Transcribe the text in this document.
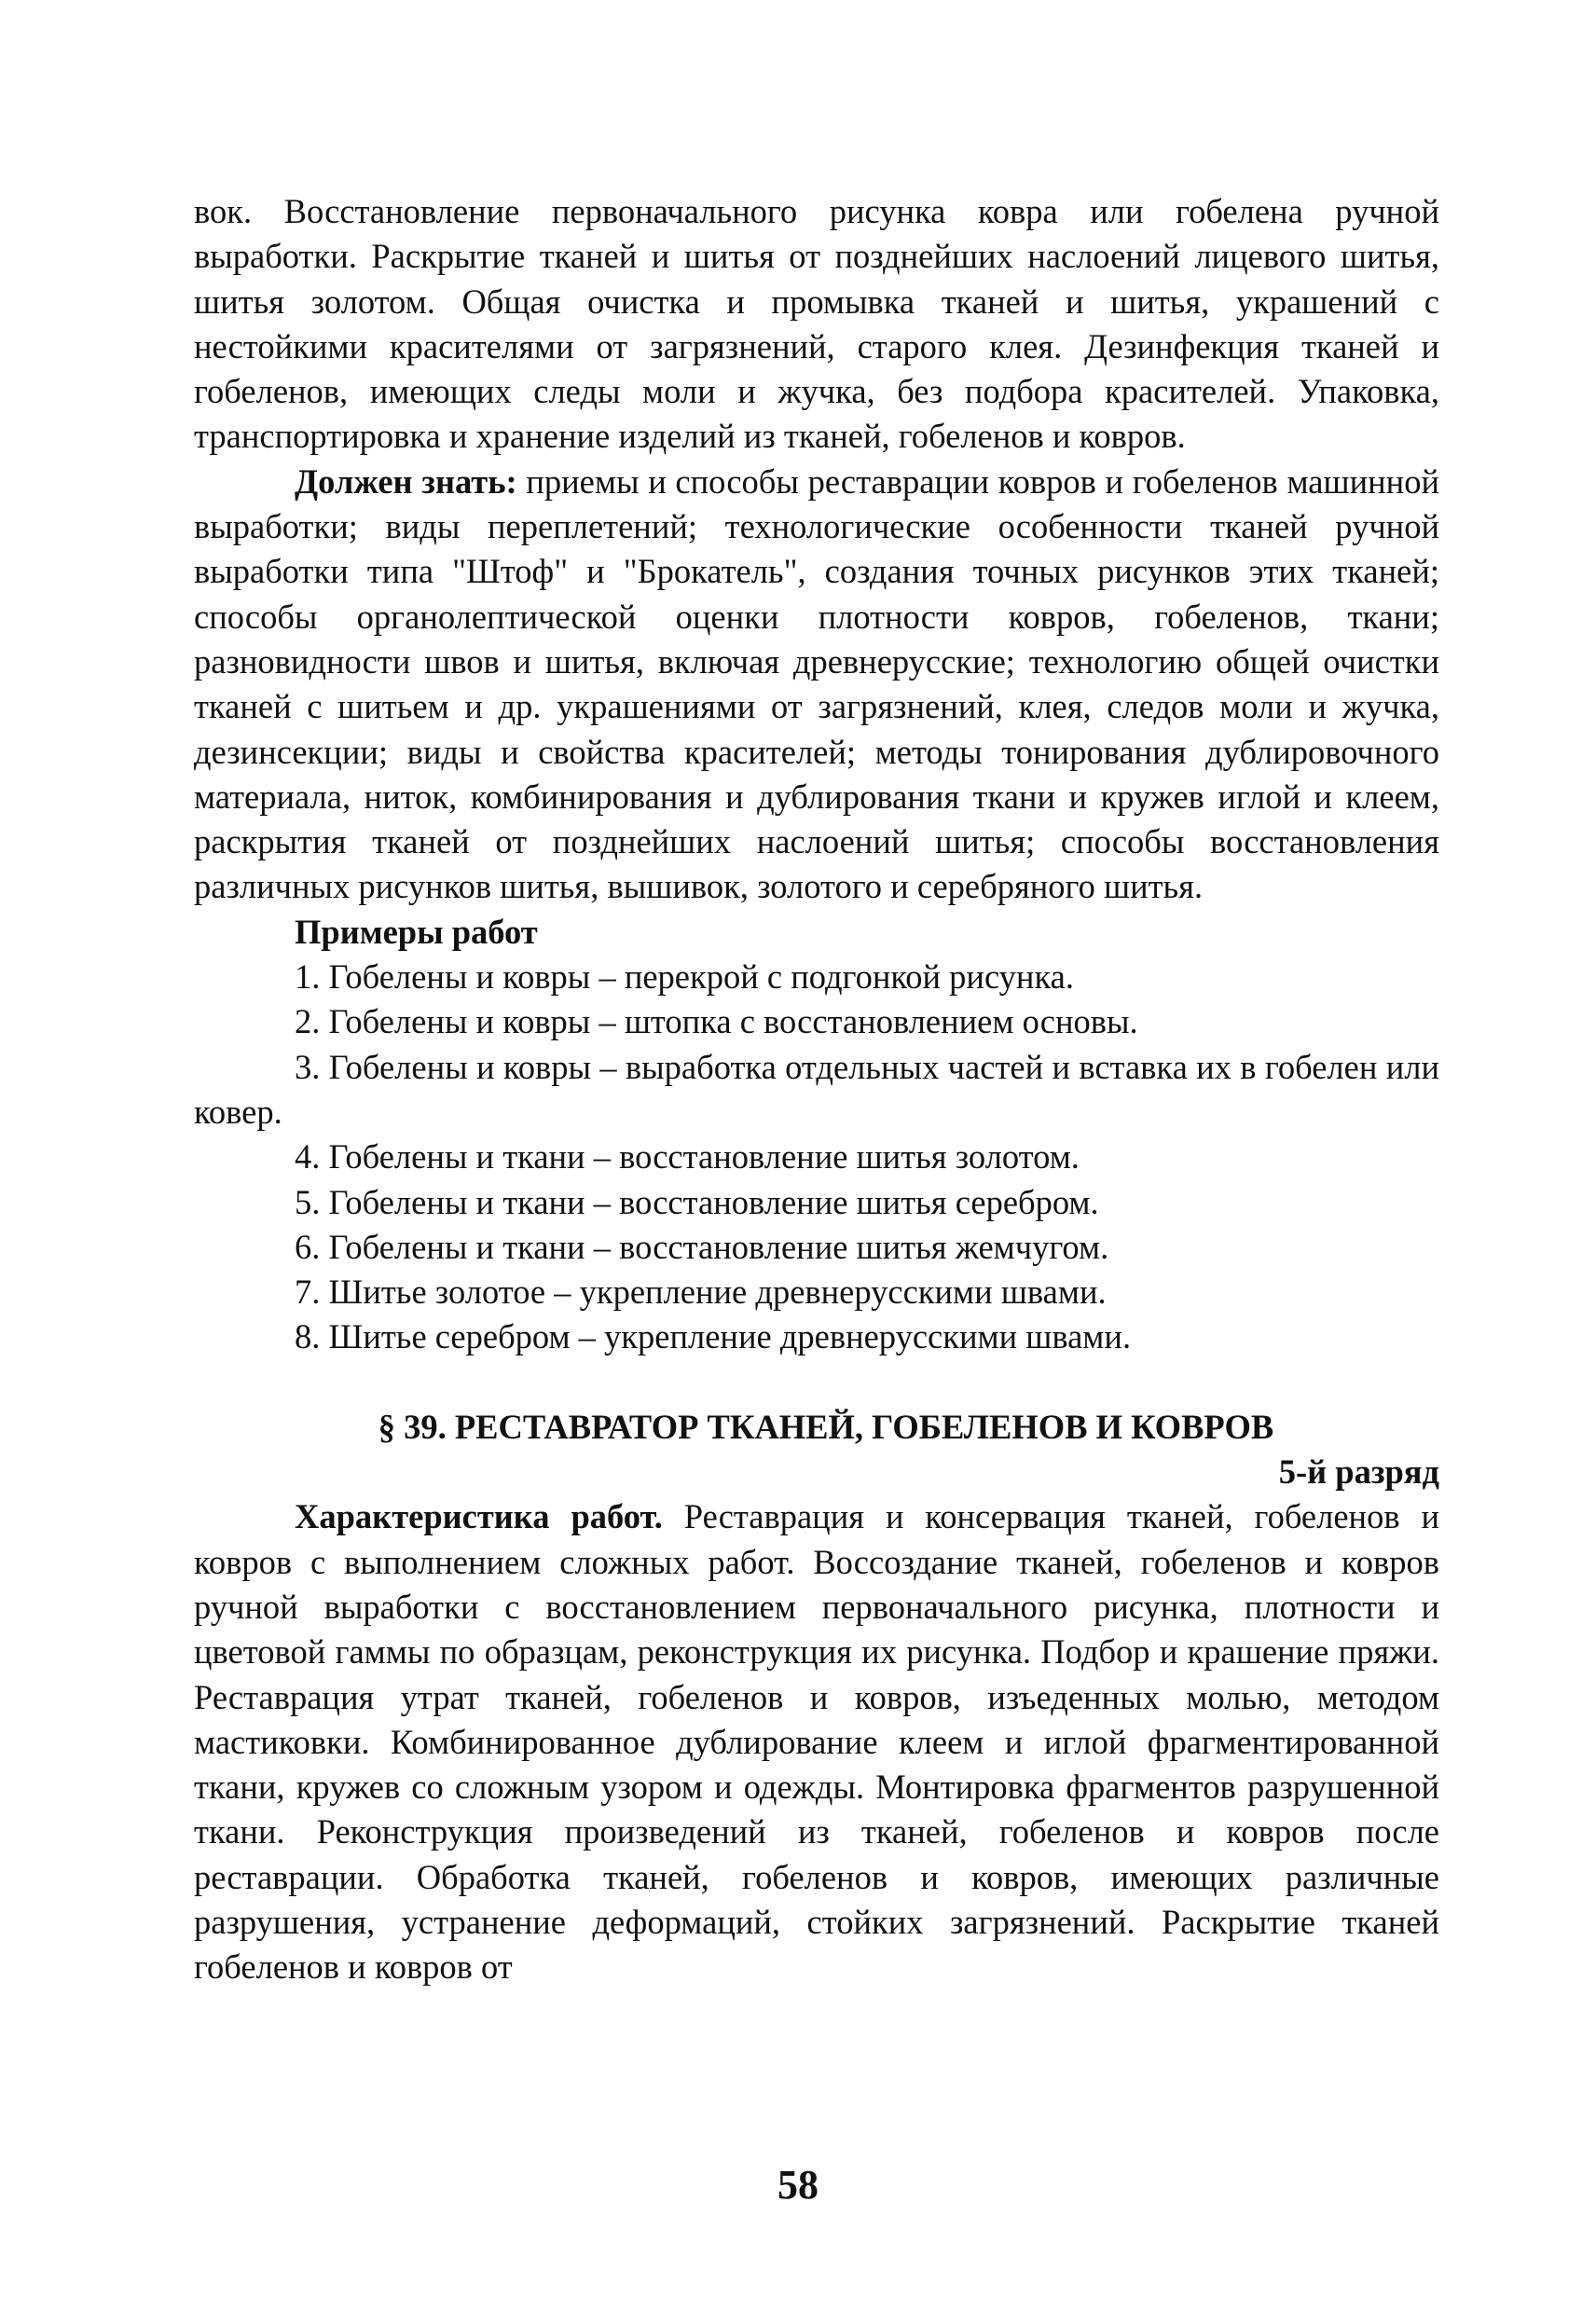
вок. Восстановление первоначального рисунка ковра или гобелена ручной выработки. Раскрытие тканей и шитья от позднейших наслоений лицевого шитья, шитья золотом. Общая очистка и промывка тканей и шитья, украшений с нестойкими красителями от загрязнений, старого клея. Дезинфекция тканей и гобеленов, имеющих следы моли и жучка, без подбора красителей. Упаковка, транспортировка и хранение изделий из тканей, гобеленов и ковров.

Должен знать: приемы и способы реставрации ковров и гобеленов машинной выработки; виды переплетений; технологические особенности тканей ручной выработки типа "Штоф" и "Брокатель", создания точных рисунков этих тканей; способы органолептической оценки плотности ковров, гобеленов, ткани; разновидности швов и шитья, включая древнерусские; технологию общей очистки тканей с шитьем и др. украшениями от загрязнений, клея, следов моли и жучка, дезинсекции; виды и свойства красителей; методы тонирования дублировочного материала, ниток, комбинирования и дублирования ткани и кружев иглой и клеем, раскрытия тканей от позднейших наслоений шитья; способы восстановления различных рисунков шитья, вышивок, золотого и серебряного шитья.

Примеры работ

1. Гобелены и ковры – перекрой с подгонкой рисунка.

2. Гобелены и ковры – штопка с восстановлением основы.

3. Гобелены и ковры – выработка отдельных частей и вставка их в гобелен или ковер.

4. Гобелены и ткани – восстановление шитья золотом.

5. Гобелены и ткани – восстановление шитья серебром.

6. Гобелены и ткани – восстановление шитья жемчугом.

7. Шитье золотое – укрепление древнерусскими швами.

8. Шитье серебром – укрепление древнерусскими швами.

§ 39. РЕСТАВРАТОР ТКАНЕЙ, ГОБЕЛЕНОВ И КОВРОВ

5-й разряд

Характеристика работ. Реставрация и консервация тканей, гобеленов и ковров с выполнением сложных работ. Воссоздание тканей, гобеленов и ковров ручной выработки с восстановлением первоначального рисунка, плотности и цветовой гаммы по образцам, реконструкция их рисунка. Подбор и крашение пряжи. Реставрация утрат тканей, гобеленов и ковров, изъеденных молью, методом мастиковки. Комбинированное дублирование клеем и иглой фрагментированной ткани, кружев со сложным узором и одежды. Монтировка фрагментов разрушенной ткани. Реконструкция произведений из тканей, гобеленов и ковров после реставрации. Обработка тканей, гобеленов и ковров, имеющих различные разрушения, устранение деформаций, стойких загрязнений. Раскрытие тканей гобеленов и ковров от

58
